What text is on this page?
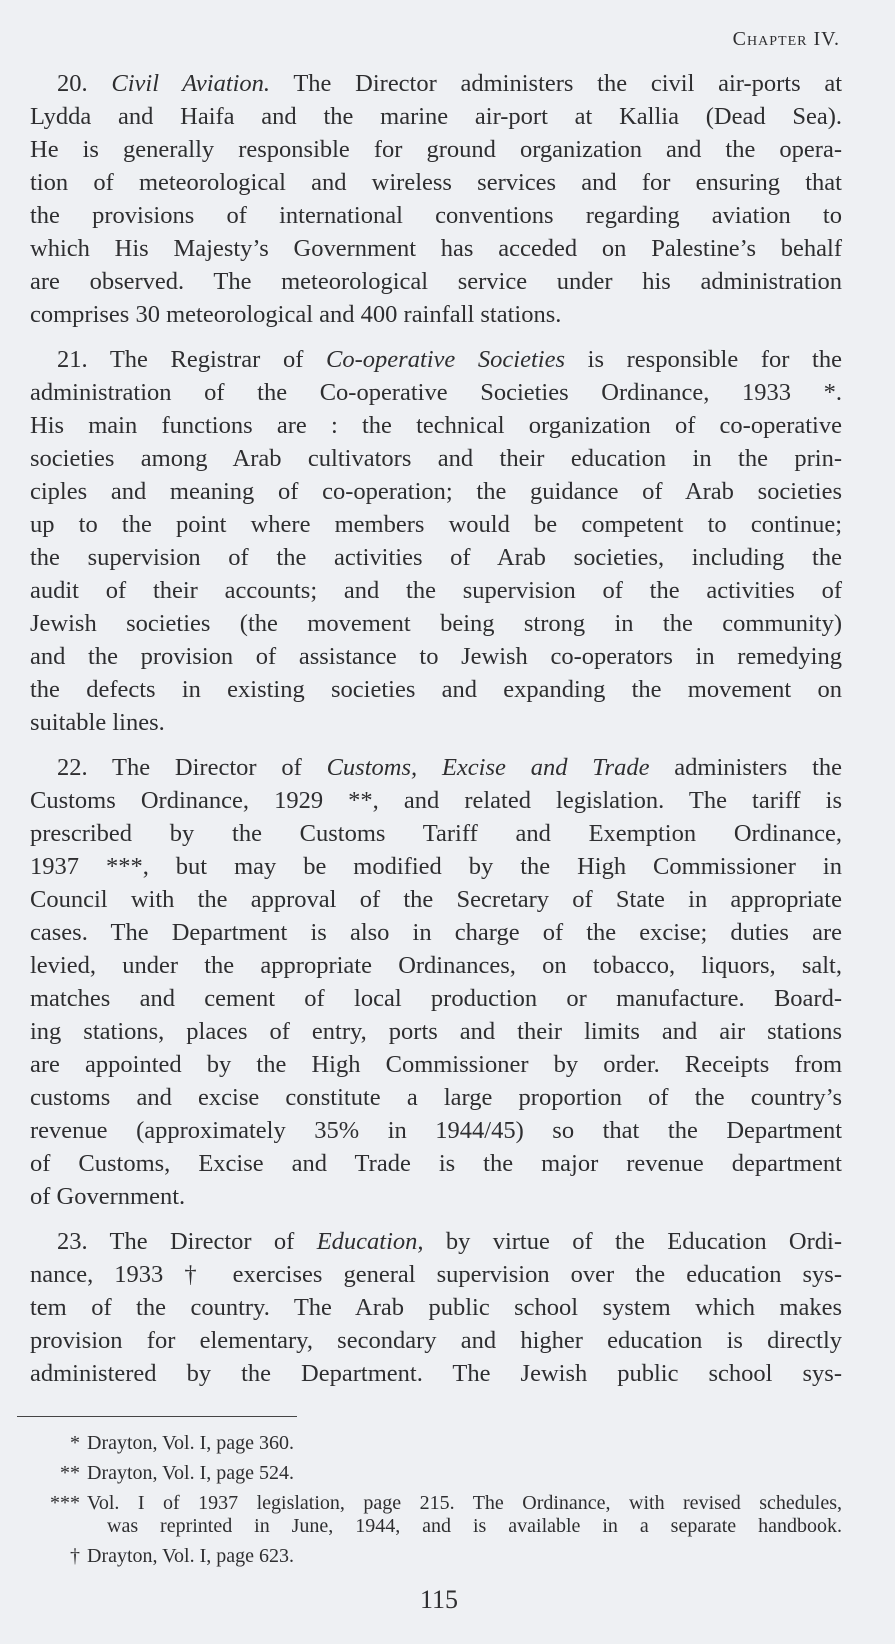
Chapter IV.
20. Civil Aviation. The Director administers the civil air-ports at
Lydda and Haifa and the marine air-port at Kallia (Dead Sea).
He is generally responsible for ground organization and the opera-
tion of meteorological and wireless services and for ensuring that
the provisions of international conventions regarding aviation to
which His Majesty’s Government has acceded on Palestine’s behalf
are observed. The meteorological service under his administration
comprises 30 meteorological and 400 rainfall stations.
21. The Registrar of Co-operative Societies is responsible for the
administration of the Co-operative Societies Ordinance, 1933 *.
His main functions are : the technical organization of co-operative
societies among Arab cultivators and their education in the prin-
ciples and meaning of co-operation; the guidance of Arab societies
up to the point where members would be competent to continue;
the supervision of the activities of Arab societies, including the
audit of their accounts; and the supervision of the activities of
Jewish societies (the movement being strong in the community)
and the provision of assistance to Jewish co-operators in remedying
the defects in existing societies and expanding the movement on
suitable lines.
22. The Director of Customs, Excise and Trade administers the
Customs Ordinance, 1929 **, and related legislation. The tariff is
prescribed by the Customs Tariff and Exemption Ordinance,
1937 ***, but may be modified by the High Commissioner in
Council with the approval of the Secretary of State in appropriate
cases. The Department is also in charge of the excise; duties are
levied, under the appropriate Ordinances, on tobacco, liquors, salt,
matches and cement of local production or manufacture. Board-
ing stations, places of entry, ports and their limits and air stations
are appointed by the High Commissioner by order. Receipts from
customs and excise constitute a large proportion of the country’s
revenue (approximately 35% in 1944/45) so that the Department
of Customs, Excise and Trade is the major revenue department
of Government.
23. The Director of Education, by virtue of the Education Ordi-
nance, 1933 † exercises general supervision over the education sys-
tem of the country. The Arab public school system which makes
provision for elementary, secondary and higher education is directly
administered by the Department. The Jewish public school sys-
* Drayton, Vol. I, page 360.
** Drayton, Vol. I, page 524.
*** Vol. I of 1937 legislation, page 215. The Ordinance, with revised schedules,
was reprinted in June, 1944, and is available in a separate handbook.
† Drayton, Vol. I, page 623.
115
